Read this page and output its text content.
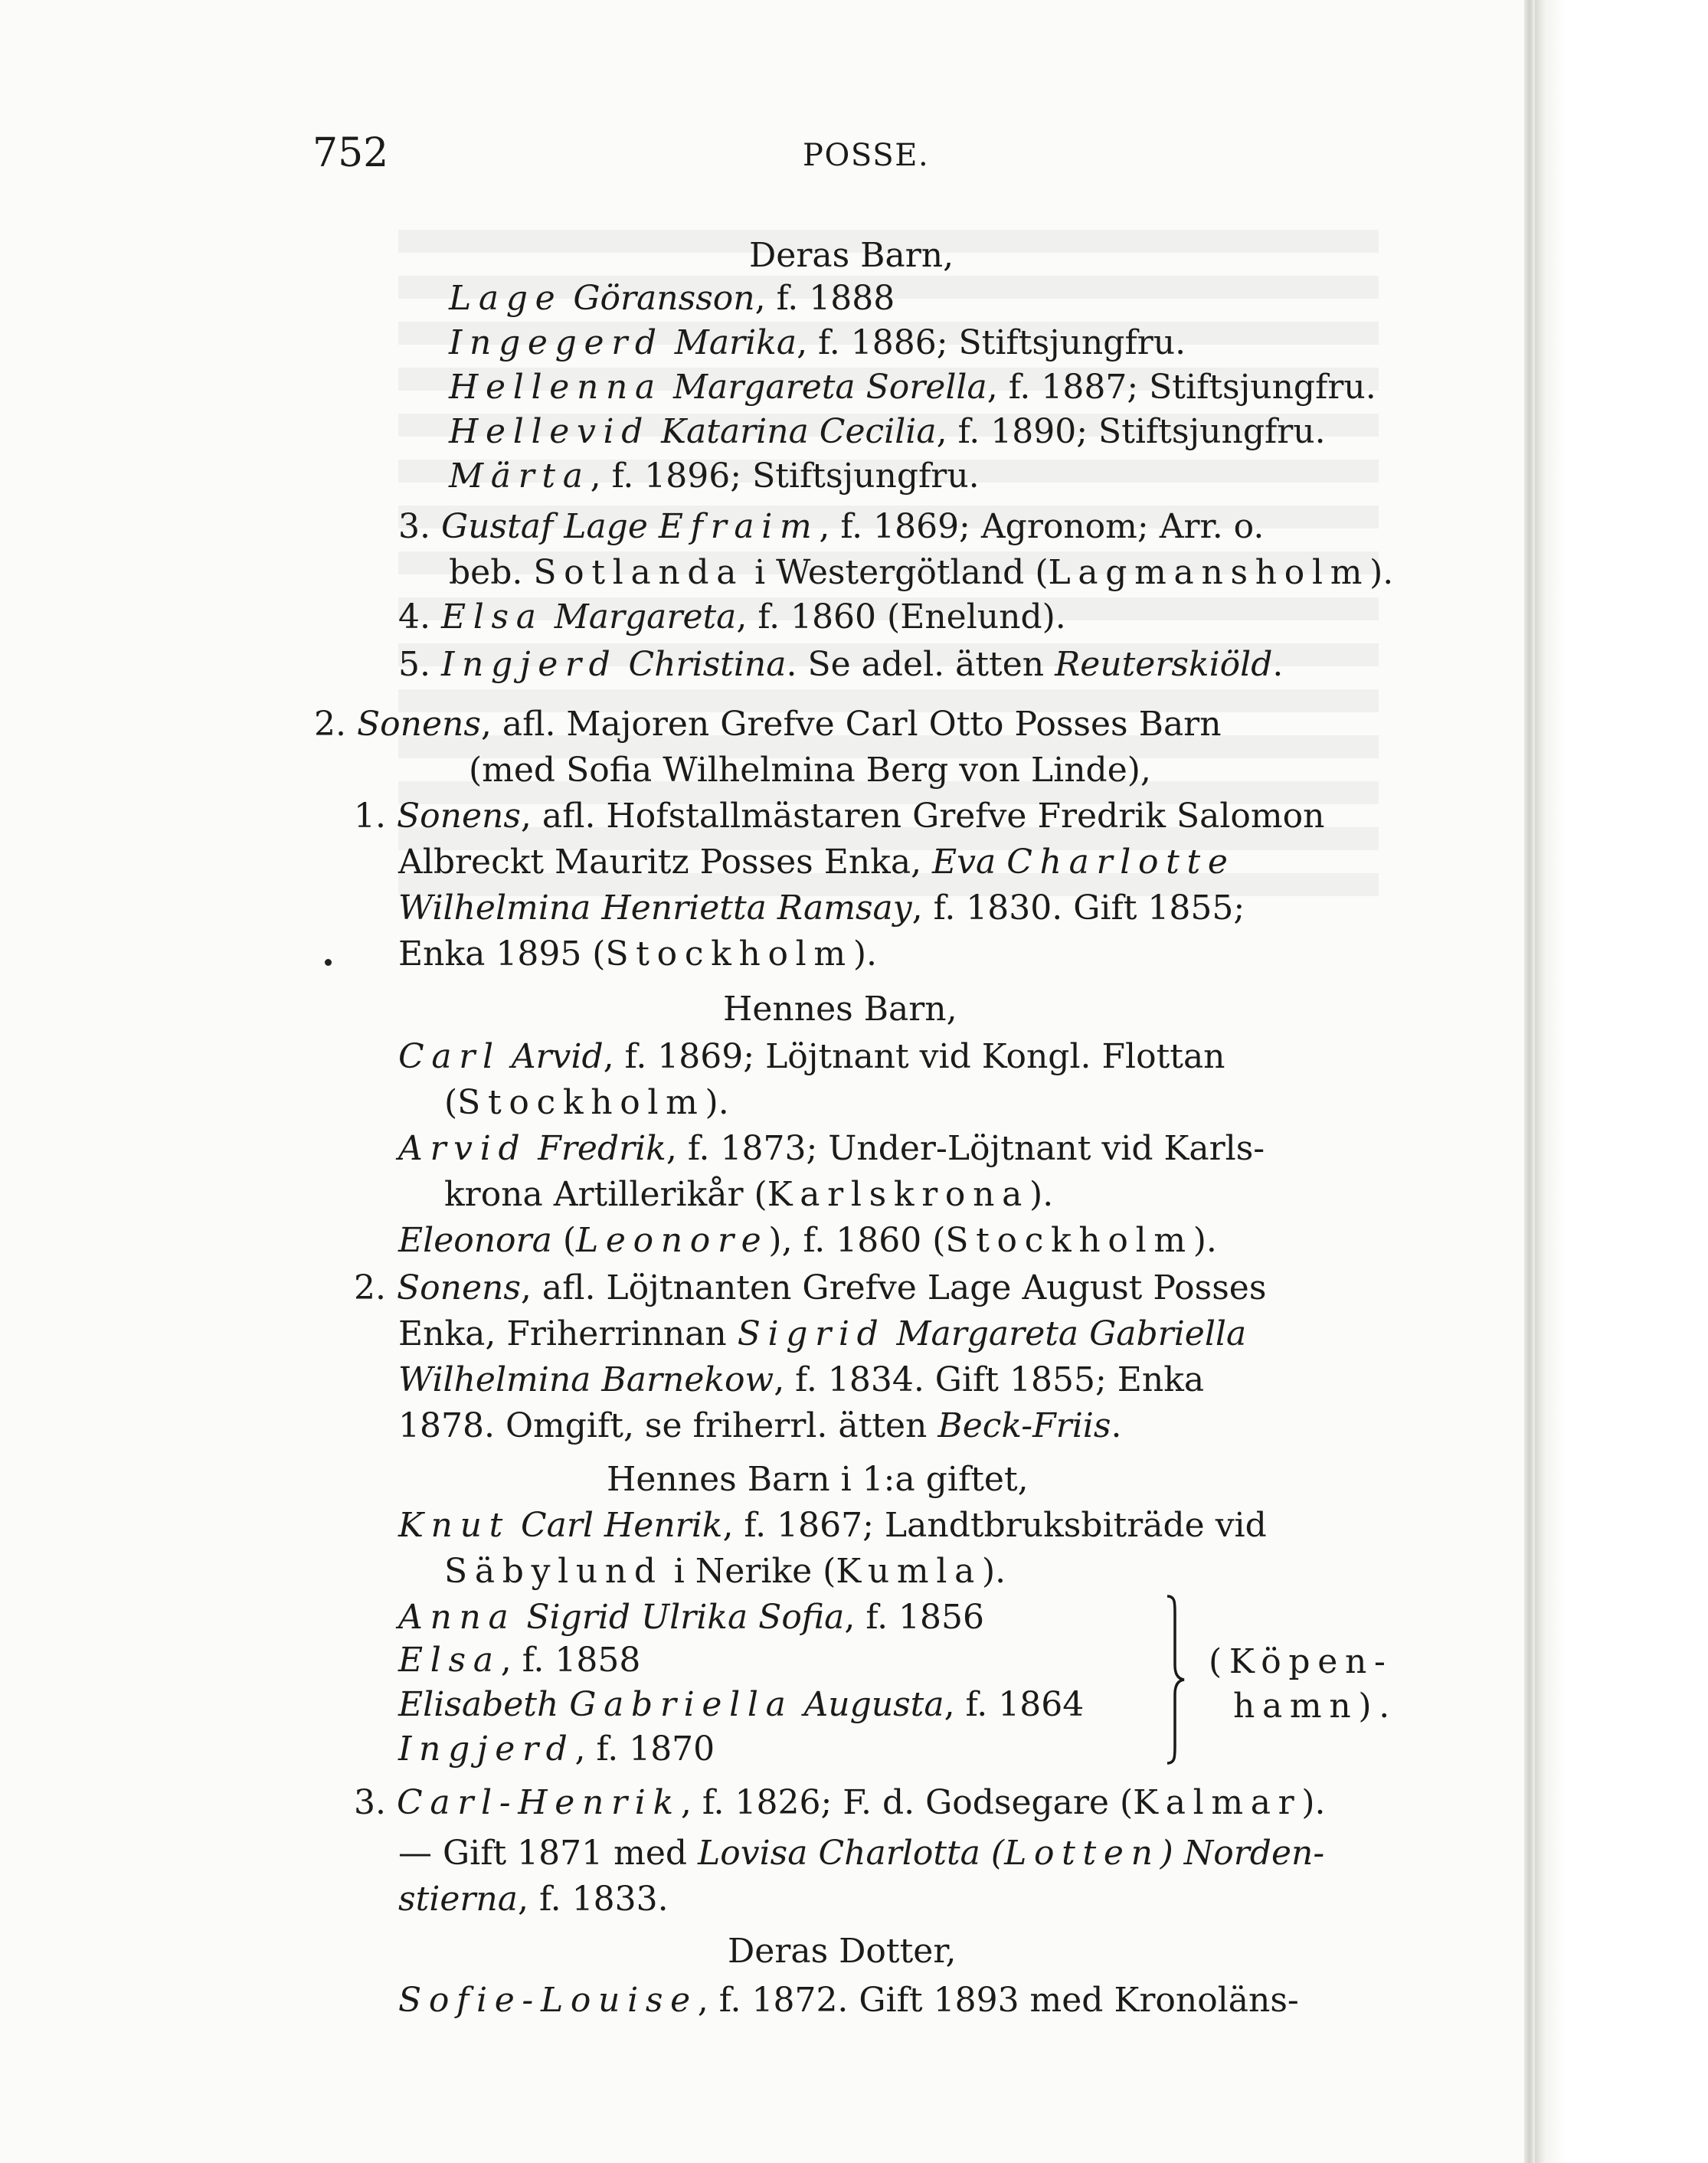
752	POSSE.
Deras Barn,
Lage Göransson, f. 1888
Ingegerd Marika, f. 1886; Stiftsjungfru.
Hellenna Margareta Sorella, f. 1887; Stiftsjungfru.
Hellevid Katarina Cecilia, f. 1890; Stiftsjungfru.
Märta, f. 1896; Stiftsjungfru.
3. Gustaf Lage Efraim, f. 1869; Agronom; Arr. o.
beb. Sotlanda i Westergötland (Lagmansholm).
4. Elsa Margareta, f. 1860 (Enelund).
5. Ingjerd Christina. Se adel. ätten Reuterskiöld.
2. Sonens, afl. Majoren Grefve Carl Otto Posses Barn
(med Sofia Wilhelmina Berg von Linde),
1. Sonens, afl. Hofstallmästaren Grefve Fredrik Salomon
Albreckt Mauritz Posses Enka, Eva Charlotte
Wilhelmina Henrietta Ramsay, f. 1830. Gift 1855;
Enka 1895 (Stockholm).
Hennes Barn,
Carl Arvid, f. 1869; Löjtnant vid Kongl. Flottan
(Stockholm).
Arvid Fredrik, f. 1873; Under-Löjtnant vid Karls-
krona Artillerikår (Karlskrona).
Eleonora (Leonore), f. 1860 (Stockholm).
2. Sonens, afl. Löjtnanten Grefve Lage August Posses
Enka, Friherrinnan Sigrid Margareta Gabriella
Wilhelmina Barnekow, f. 1834. Gift 1855; Enka
1878. Omgift, se friherrl. ätten Beck-Friis.
Hennes Barn i 1:a giftet,
Knut Carl Henrik, f. 1867; Landtbruksbiträde vid
Säbylund i Nerike (Kumla).
Anna Sigrid Ulrika Sofia, f. 1856
Elsa, f. 1858
Elisabeth Gabriella Augusta, f. 1864
Ingjerd, f. 1870
3. Carl-Henrik, f. 1826; F. d. Godsegare (Kalmar).
— Gift 1871 med Lovisa Charlotta (Lotten) Norden-
stierna, f. 1833.
Deras Dotter,
Sofie-Louise, f. 1872. Gift 1893 med Kronoläns-
(Köpen-
hamn).
